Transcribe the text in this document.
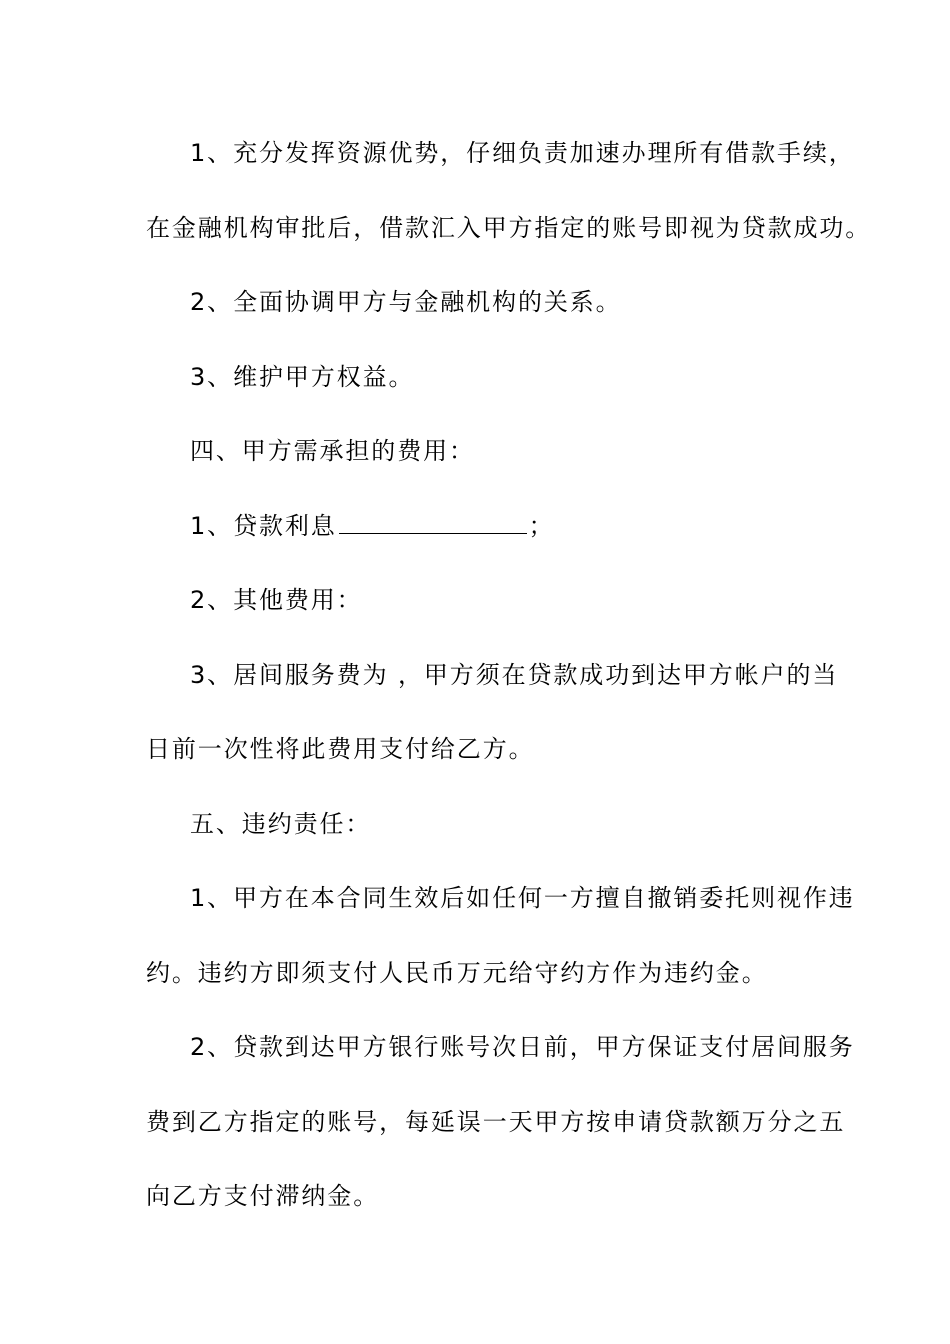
1、充分发挥资源优势，仔细负责加速办理所有借款手续，
在金融机构审批后，借款汇入甲方指定的账号即视为贷款成功。
2、全面协调甲方与金融机构的关系。
3、维护甲方权益。
四、甲方需承担的费用：
1、贷款利息	；
2、其他费用：
3、居间服务费为 ，甲方须在贷款成功到达甲方帐户的当
日前一次性将此费用支付给乙方。
五、违约责任：
1、甲方在本合同生效后如任何一方擅自撤销委托则视作违
约。违约方即须支付人民币万元给守约方作为违约金。
2、贷款到达甲方银行账号次日前，甲方保证支付居间服务
费到乙方指定的账号，每延误一天甲方按申请贷款额万分之五
向乙方支付滞纳金。
